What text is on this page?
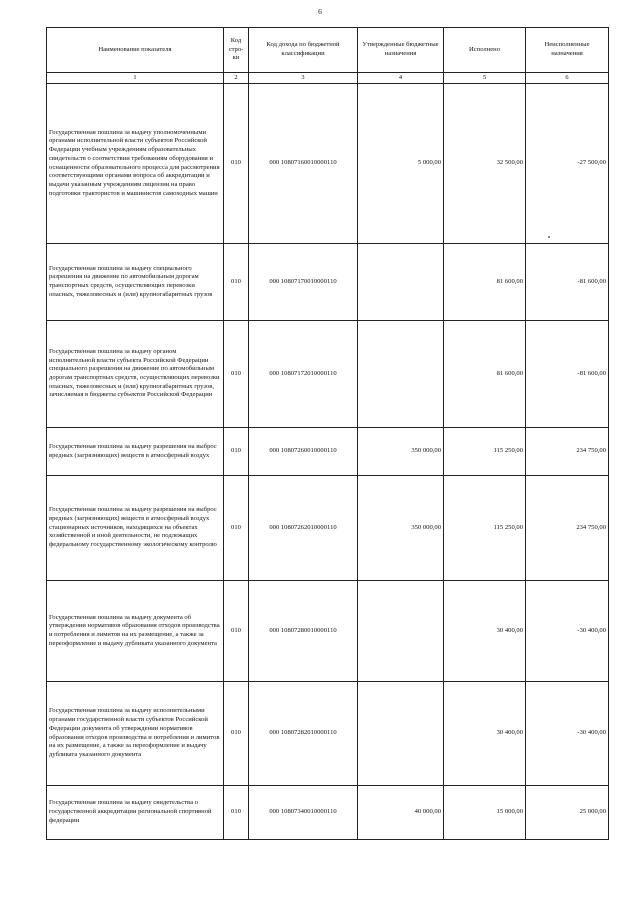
6
Наименование показателя	Код стро-ки	Код дохода по бюджетной классификации	Утвержденные бюджетные назначения	Исполнено	Неисполненные назначения
1	2	3	4	5	6
Государственная пошлина за выдачу уполномоченными органами исполнительной власти субъектов Российской Федерации учебным учреждениям образовательных свидетельств о соответствии требованиям оборудования и оснащенности образовательного процесса для рассмотрения соответствующими органами вопроса об аккредитации и выдачи указанным учреждениям лицензии на право подготовки трактористов и машинистов самоходных машин	010	000 10807160010000110	5 000,00	32 500,00	-27 500,00
Государственная пошлина за выдачу специального разрешения на движение по автомобильным дорогам транспортных средств, осуществляющих перевозки опасных, тяжеловесных и (или) крупногабаритных грузов	010	000 10807170010000110		81 600,00	-81 600,00
Государственная пошлина за выдачу органом исполнительной власти субъекта Российской Федерации специального разрешения на движение по автомобильным дорогам транспортных средств, осуществляющих перевозки опасных, тяжеловесных и (или) крупногабаритных грузов, зачисляемая в бюджеты субъектов Российской Федерации	010	000 10807172010000110		81 600,00	-81 600,00
Государственная пошлина за выдачу разрешения на выброс вредных (загрязняющих) веществ в атмосферный воздух	010	000 10807260010000110	350 000,00	115 250,00	234 750,00
Государственная пошлина за выдачу разрешения на выброс вредных (загрязняющих) веществ в атмосферный воздух стационарных источников, находящихся на объектах хозяйственной и иной деятельности, не подлежащих федеральному государственному экологическому контролю	010	000 10807262010000110	350 000,00	115 250,00	234 750,00
Государственная пошлина за выдачу документа об утверждении нормативов образования отходов производства и потребления и лимитов на их размещение, а также за переоформление и выдачу дубликата указанного документа	010	000 10807280010000110		30 400,00	-30 400,00
Государственная пошлина за выдачу исполнительными органами государственной власти субъектов Российской Федерации документа об утверждении нормативов образования отходов производства и потребления и лимитов на их размещение, а также за переоформление и выдачу дубликата указанного документа	010	000 10807282010000110		30 400,00	-30 400,00
Государственная пошлина за выдачу свидетельства о государственной аккредитации региональной спортивной федерации	010	000 10807340010000110	40 000,00	15 000,00	25 000,00
